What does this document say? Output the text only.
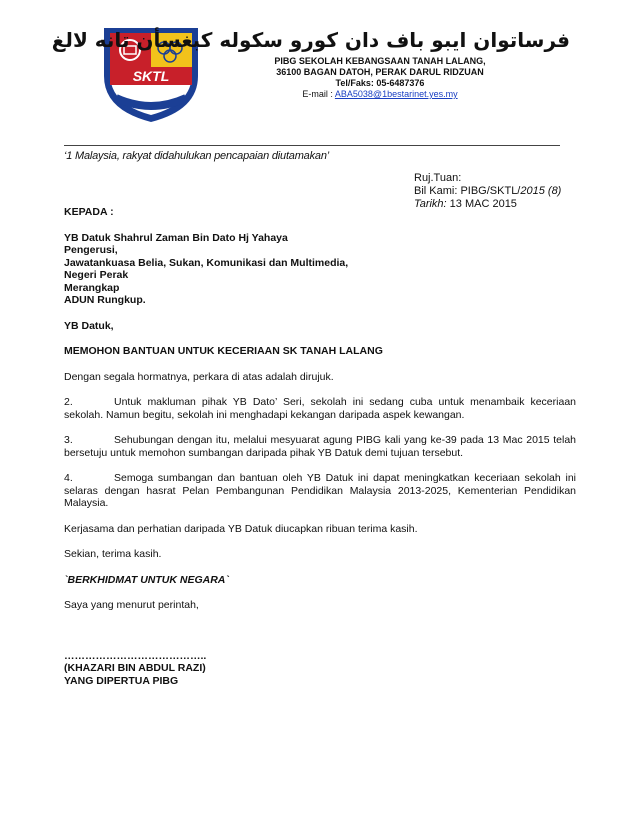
SKTL
فرساتوان ايبو باف دان كورو سكوله كبغسأن تانه لالغ
PIBG SEKOLAH KEBANGSAAN TANAH LALANG,
36100 BAGAN DATOH, PERAK DARUL RIDZUAN
Tel/Faks: 05-6487376
E-mail : ABA5038@1bestarinet.yes.my
‘1 Malaysia, rakyat didahulukan pencapaian diutamakan’
Ruj.Tuan:
Bil Kami: PIBG/SKTL/2015 (8)
Tarikh: 13 MAC 2015

KEPADA :

YB Datuk Shahrul Zaman Bin Dato Hj Yahaya

Pengerusi,

Jawatankuasa Belia, Sukan, Komunikasi dan Multimedia,

Negeri Perak

Merangkap

ADUN Rungkup.

YB Datuk,

MEMOHON BANTUAN UNTUK KECERIAAN SK TANAH LALANG

Dengan segala hormatnya, perkara di atas adalah dirujuk.

2.	Untuk makluman pihak YB Dato’ Seri, sekolah ini sedang cuba untuk menambaik keceriaan sekolah. Namun begitu, sekolah ini menghadapi kekangan daripada aspek kewangan.

3.	Sehubungan dengan itu, melalui mesyuarat agung PIBG kali yang ke-39 pada 13 Mac 2015 telah bersetuju untuk memohon sumbangan daripada pihak YB Datuk demi tujuan tersebut.

4.	Semoga sumbangan dan bantuan oleh YB Datuk ini dapat meningkatkan keceriaan sekolah ini selaras dengan hasrat Pelan Pembangunan Pendidikan Malaysia 2013-2025, Kementerian Pendidikan Malaysia.

Kerjasama dan perhatian daripada YB Datuk diucapkan ribuan terima kasih.

Sekian, terima kasih.

`BERKHIDMAT UNTUK NEGARA`

Saya yang menurut perintah,

…………………………………..

(KHAZARI BIN ABDUL RAZI)

YANG DIPERTUA PIBG
